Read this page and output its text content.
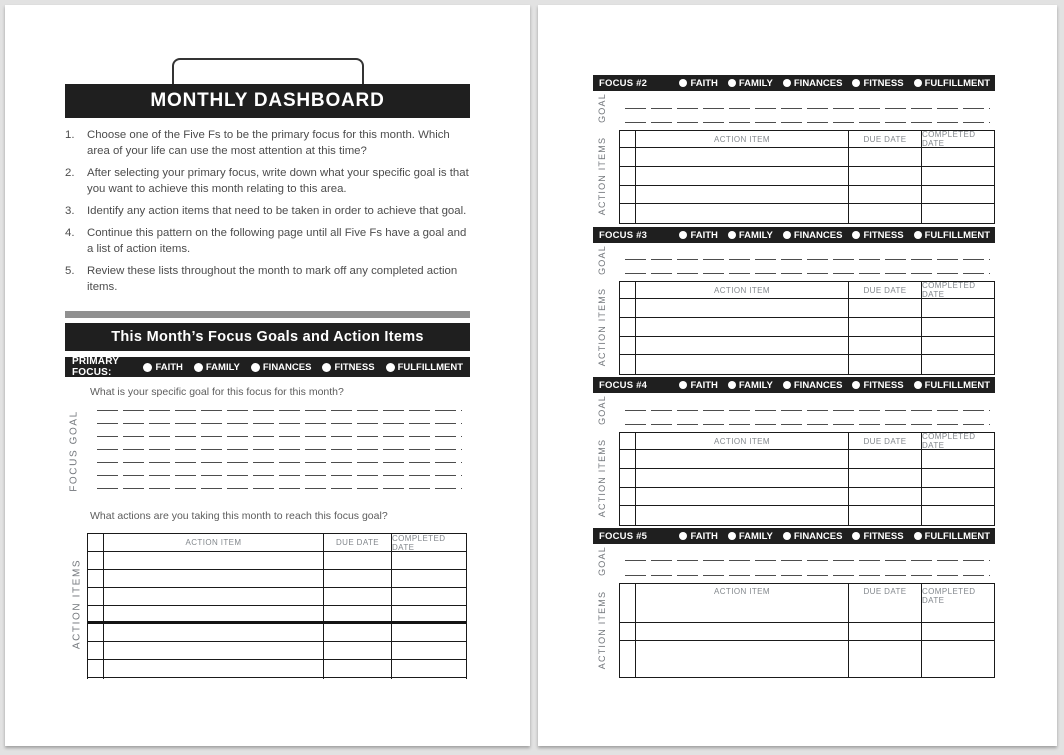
MONTHLY DASHBOARD
1.	Choose one of the Five Fs to be the primary focus for this month. Which area of your life can use the most attention at this time?
2.	After selecting your primary focus, write down what your specific goal is that you want to achieve this month relating to this area.
3.	Identify any action items that need to be taken in order to achieve that goal.
4.	Continue this pattern on the following page until all Five Fs have a goal and a list of action items.
5.	Review these lists throughout the month to mark off any completed action items.
This Month’s Focus Goals and Action Items
PRIMARY FOCUS:	FAITH FAMILY FINANCES FITNESS FULFILLMENT
What is your specific goal for this focus for this month?
FOCUS GOAL
What actions are you taking this month to reach this focus goal?
ACTION ITEMS
ACTION ITEM	DUE DATE	COMPLETED DATE
FOCUS #2	FAITH FAMILY FINANCES FITNESS FULFILLMENT
GOAL
ACTION ITEM	DUE DATE	COMPLETED DATE
ACTION ITEMS
FOCUS #3	FAITH FAMILY FINANCES FITNESS FULFILLMENT
GOAL
ACTION ITEM	DUE DATE	COMPLETED DATE
ACTION ITEMS
FOCUS #4	FAITH FAMILY FINANCES FITNESS FULFILLMENT
GOAL
ACTION ITEM	DUE DATE	COMPLETED DATE
ACTION ITEMS
FOCUS #5	FAITH FAMILY FINANCES FITNESS FULFILLMENT
GOAL
ACTION ITEM	DUE DATE	COMPLETED DATE
ACTION ITEMS
